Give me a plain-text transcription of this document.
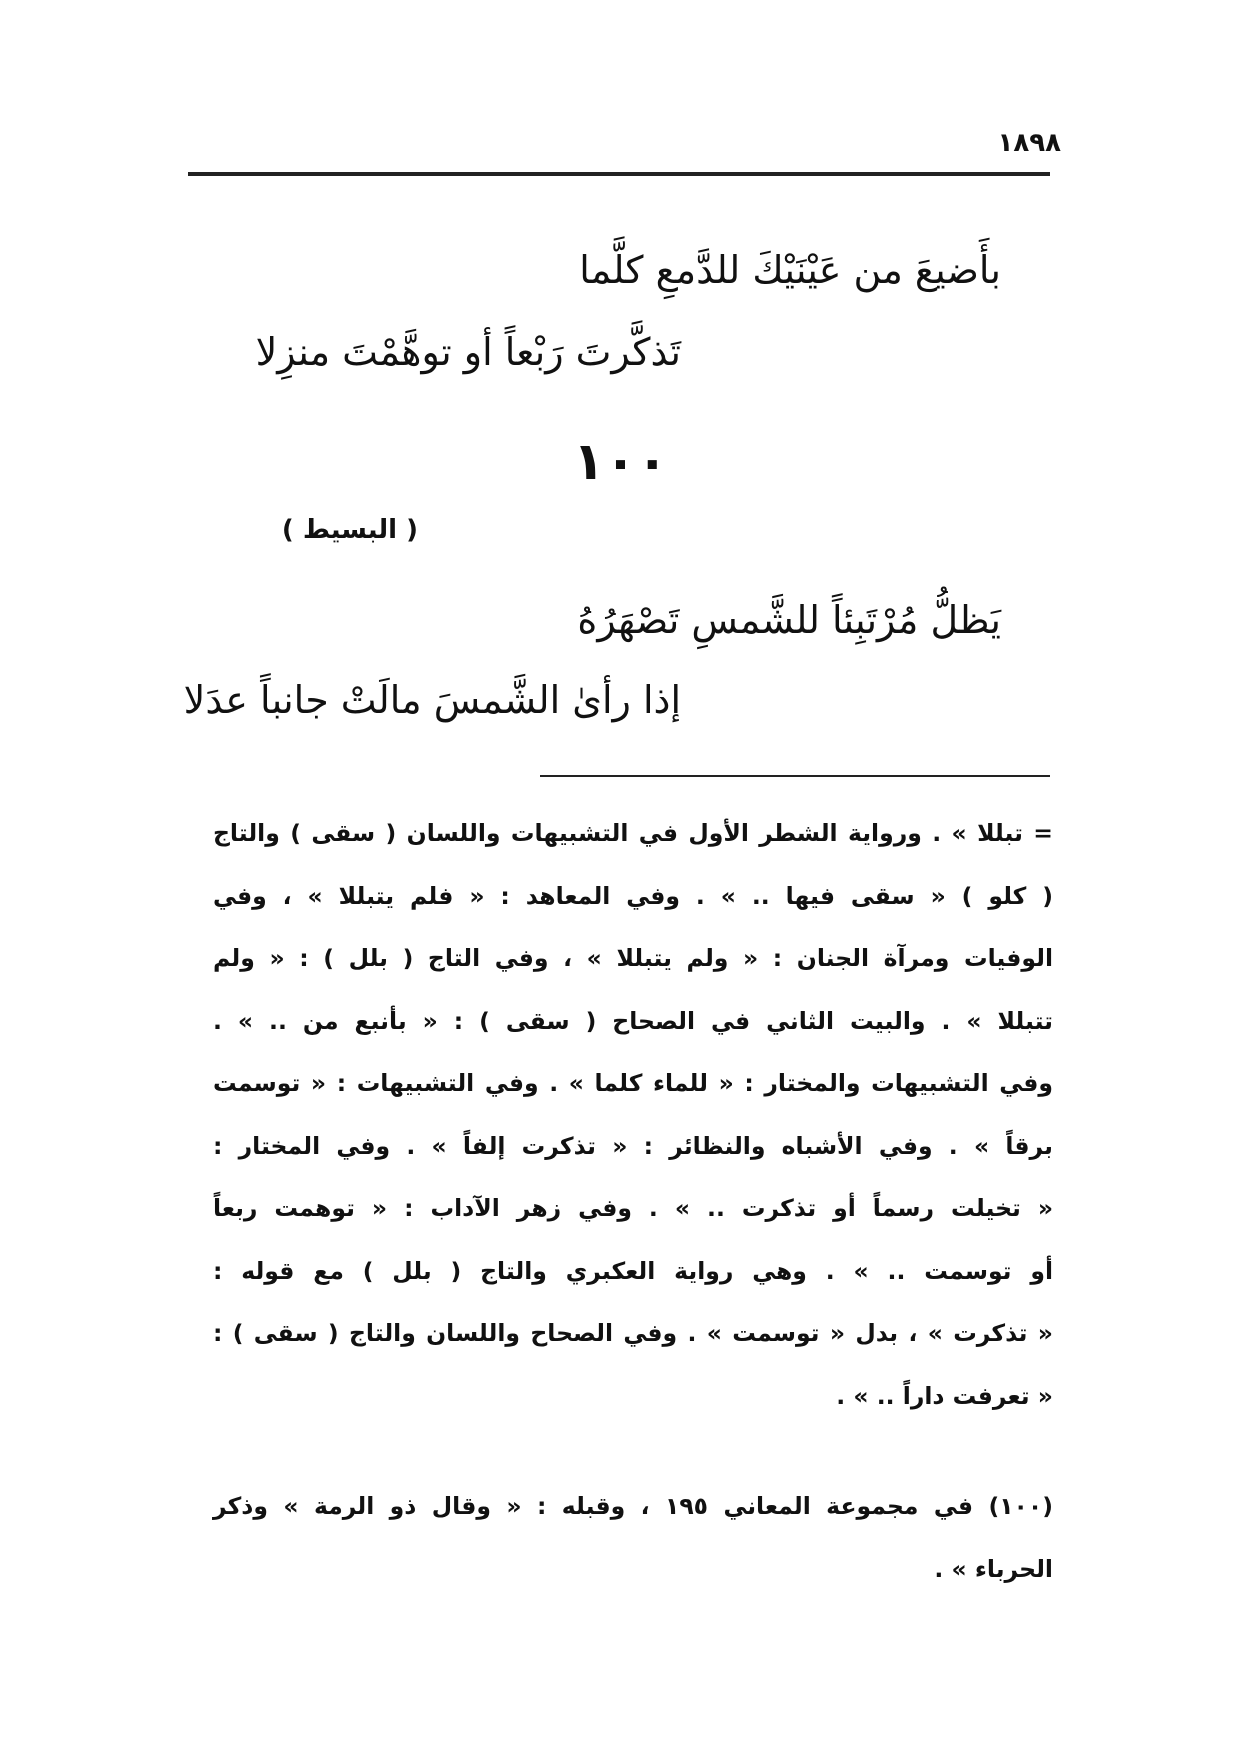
١٨٩٨
بأَضيعَ من عَيْنَيْكَ للدَّمعِ كلَّما
تَذكَّرتَ رَبْعاً أو توهَّمْتَ منزِلا
١٠٠
( البسيط )
يَظلُّ مُرْتَبِئاً للشَّمسِ تَصْهَرُهُ
إذا رأىٰ الشَّمسَ مالَتْ جانباً عدَلا
= تبللا » . ورواية الشطر الأول في التشبيهات واللسان ( سقى ) والتاج
( كلو ) « سقى فيها .. » . وفي المعاهد : « فلم يتبللا » ، وفي
الوفيات ومرآة الجنان : « ولم يتبللا » ، وفي التاج ( بلل ) : « ولم
تتبللا » . والبيت الثاني في الصحاح ( سقى ) : « بأنبع من .. » .
وفي التشبيهات والمختار : « للماء كلما » . وفي التشبيهات : « توسمت
برقاً » . وفي الأشباه والنظائر : « تذكرت إلفاً » . وفي المختار :
« تخيلت رسماً أو تذكرت .. » . وفي زهر الآداب : « توهمت ربعاً
أو توسمت .. » . وهي رواية العكبري والتاج ( بلل ) مع قوله :
« تذكرت » ، بدل « توسمت » . وفي الصحاح واللسان والتاج ( سقى ) :
« تعرفت داراً .. » .
(١٠٠) في مجموعة المعاني ١٩٥ ، وقبله : « وقال ذو الرمة » وذكر
الحرباء » .
